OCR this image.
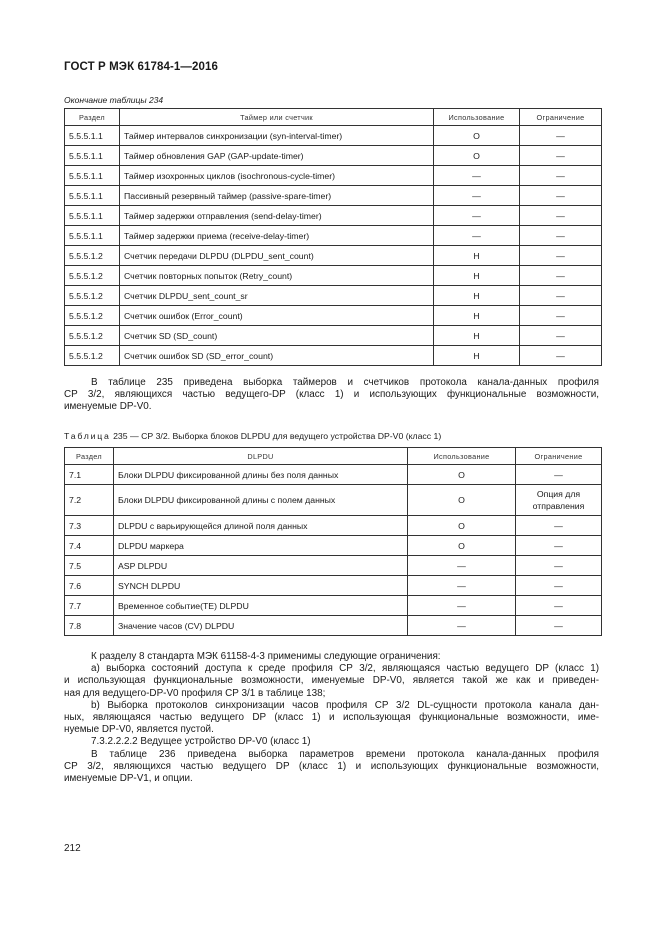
ГОСТ Р МЭК 61784-1—2016
Окончание таблицы 234
Раздел	Таймер или счетчик	Использование	Ограничение
5.5.5.1.1	Таймер интервалов синхронизации (syn-interval-timer)	O	—
5.5.5.1.1	Таймер обновления GAP (GAP-update-timer)	O	—
5.5.5.1.1	Таймер изохронных циклов (isochronous-cycle-timer)	—	—
5.5.5.1.1	Пассивный резервный таймер (passive-spare-timer)	—	—
5.5.5.1.1	Таймер задержки отправления (send-delay-timer)	—	—
5.5.5.1.1	Таймер задержки приема (receive-delay-timer)	—	—
5.5.5.1.2	Счетчик передачи DLPDU (DLPDU_sent_count)	Н	—
5.5.5.1.2	Счетчик повторных попыток (Retry_count)	Н	—
5.5.5.1.2	Счетчик DLPDU_sent_count_sr	Н	—
5.5.5.1.2	Счетчик ошибок (Error_count)	Н	—
5.5.5.1.2	Счетчик SD (SD_count)	Н	—
5.5.5.1.2	Счетчик ошибок SD (SD_error_count)	Н	—
В таблице 235 приведена выборка таймеров и счетчиков протокола канала-данных профиля
СР 3/2, являющихся частью ведущего-DP (класс 1) и использующих функциональные возможности,
именуемые DP-V0.
Таблица 235 — СР 3/2. Выборка блоков DLPDU для ведущего устройства DP-V0 (класс 1)
Раздел	DLPDU	Использование	Ограничение
7.1	Блоки DLPDU фиксированной длины без поля данных	O	—
7.2	Блоки DLPDU фиксированной длины с полем данных	O	Опция для отправления
7.3	DLPDU с варьирующейся длиной поля данных	O	—
7.4	DLPDU маркера	O	—
7.5	ASP DLPDU	—	—
7.6	SYNCH DLPDU	—	—
7.7	Временное событие(TE) DLPDU	—	—
7.8	Значение часов (CV) DLPDU	—	—
К разделу 8 стандарта МЭК 61158-4-3 применимы следующие ограничения:
а) выборка состояний доступа к среде профиля СР 3/2, являющаяся частью ведущего DP (класс 1)
и использующая функциональные возможности, именуемые DP-V0, является такой же как и приведен-
ная для ведущего-DP-V0 профиля СР 3/1 в таблице 138;
b) Выборка протоколов синхронизации часов профиля СР 3/2 DL-сущности протокола канала дан-
ных, являющаяся частью ведущего DP (класс 1) и использующая функциональные возможности, име-
нуемые DP-V0, является пустой.
7.3.2.2.2.2 Ведущее устройство DP-V0 (класс 1)
В таблице 236 приведена выборка параметров времени протокола канала-данных профиля
СР 3/2, являющихся частью ведущего DP (класс 1) и использующих функциональные возможности,
именуемые DP-V1, и опции.
212
